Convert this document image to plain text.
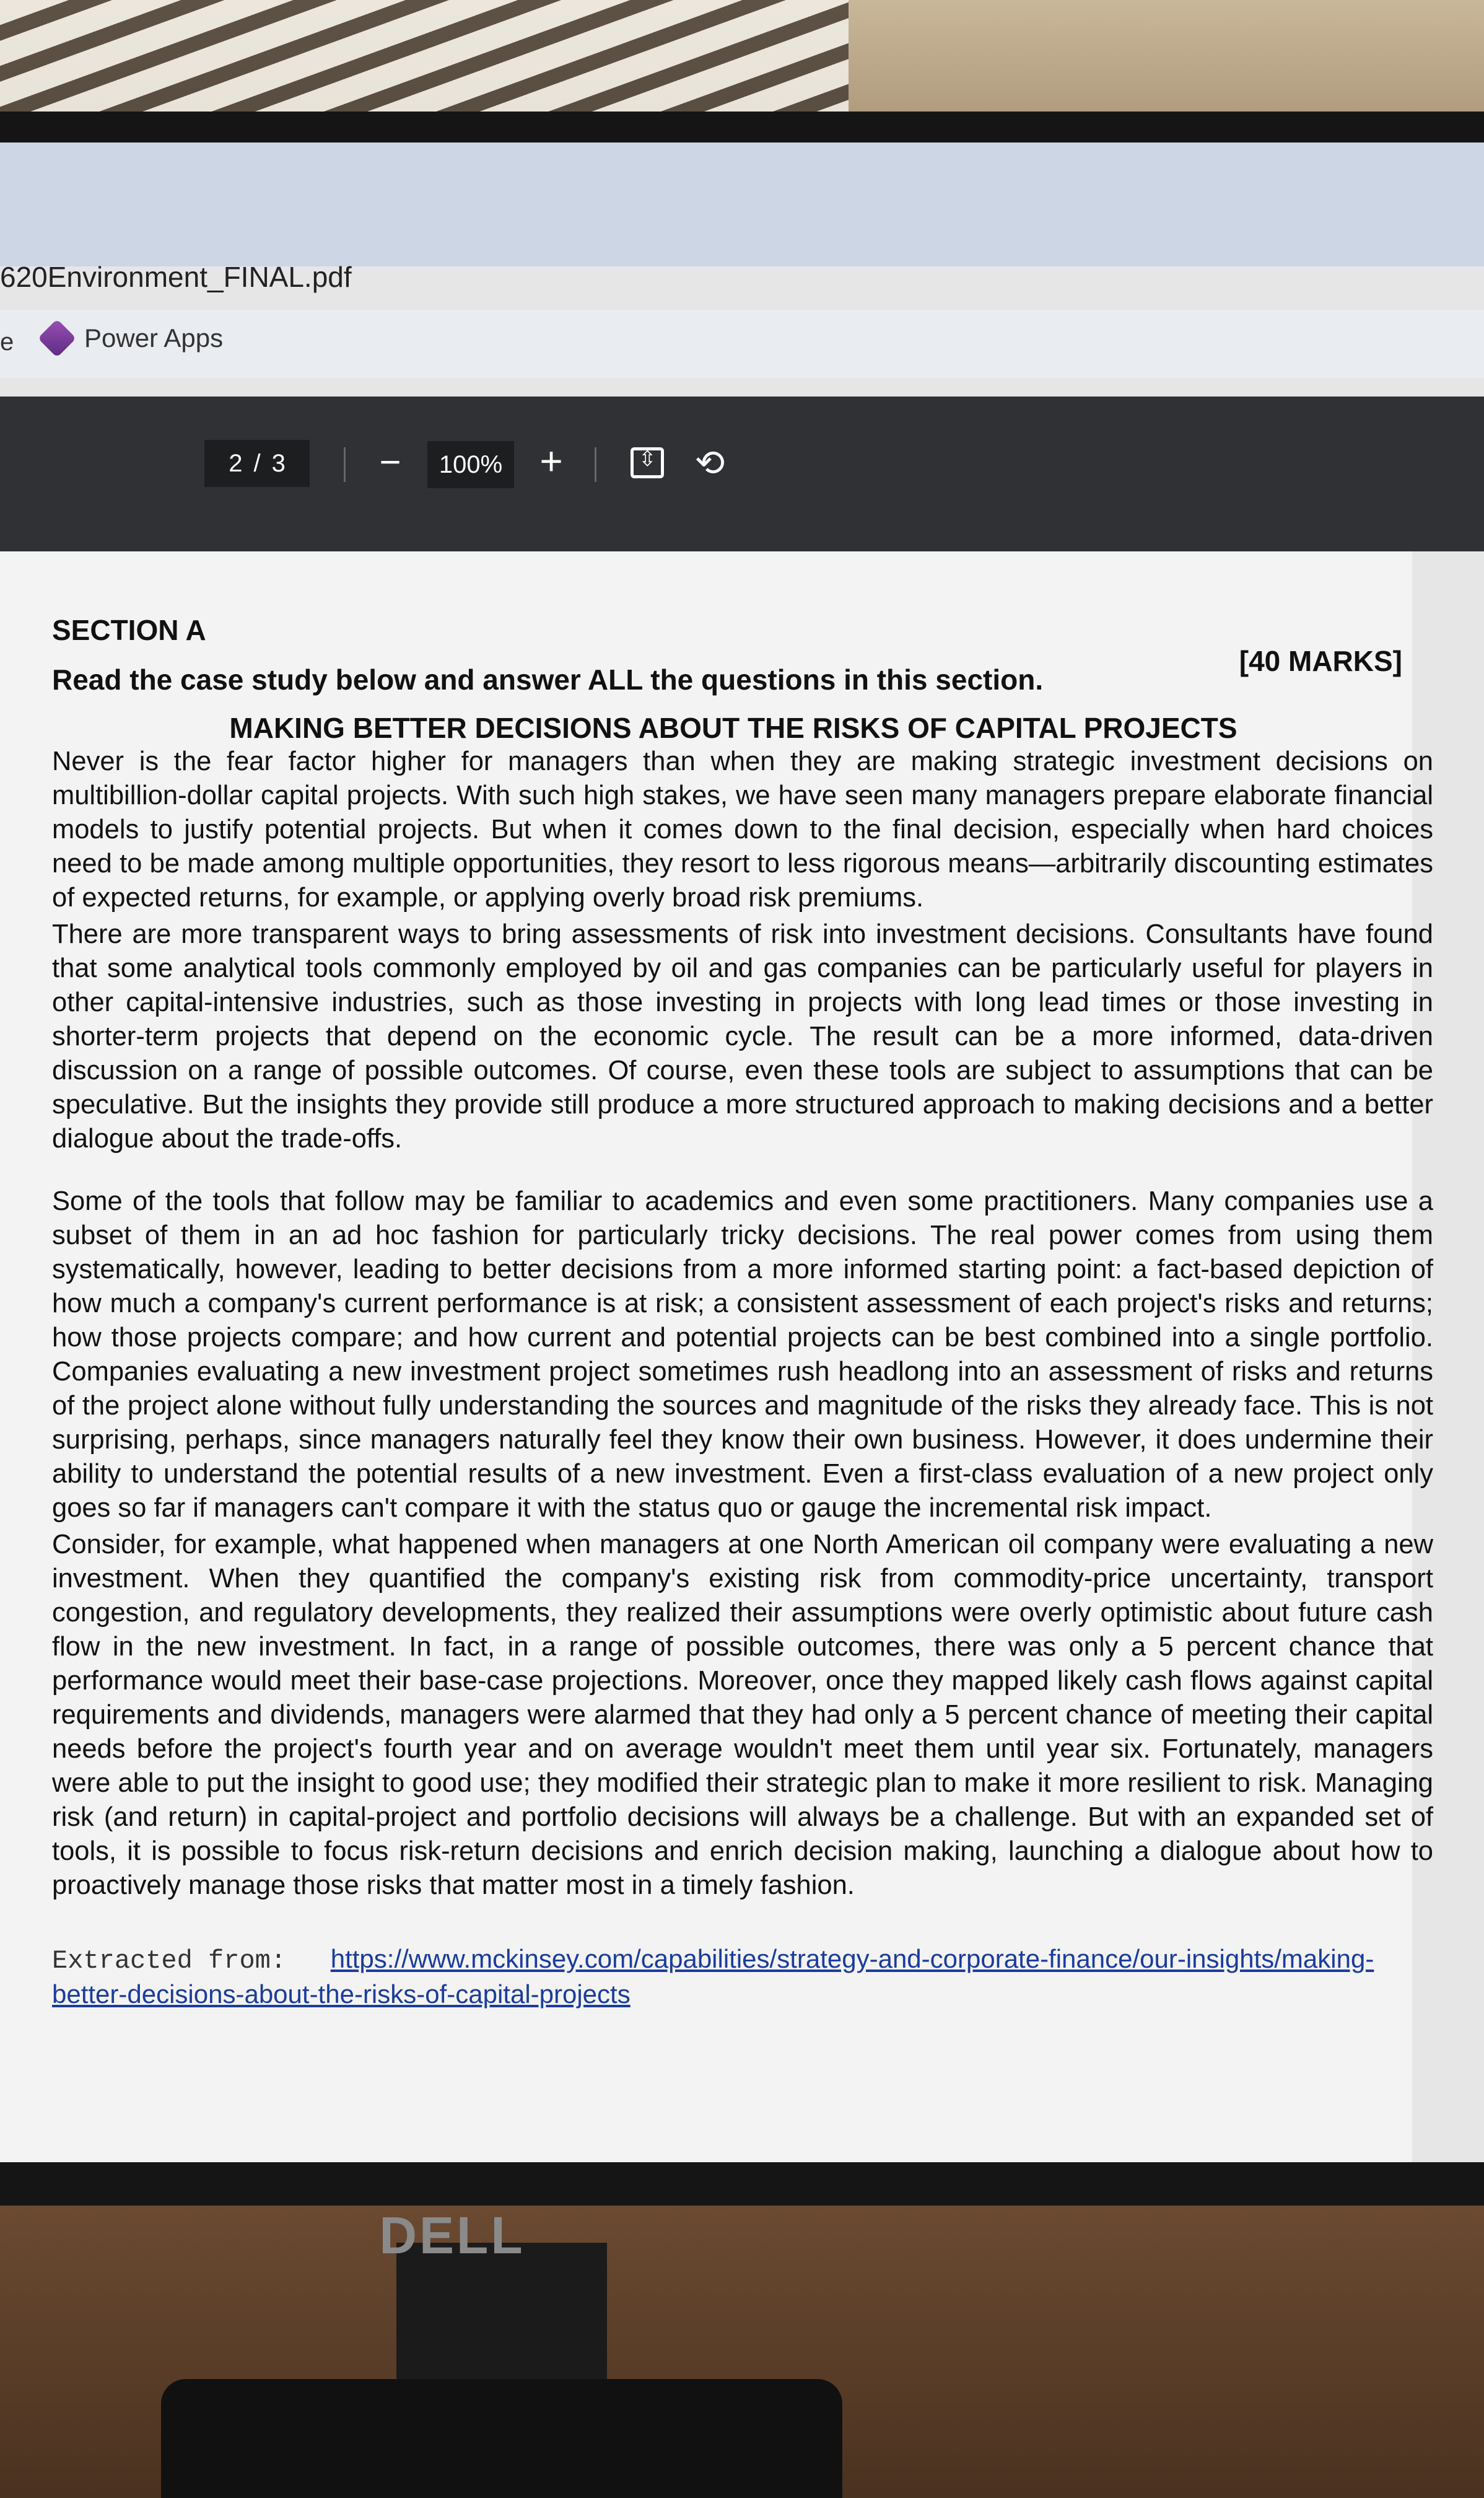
620Environment_FINAL.pdf
e	Power Apps
2 / 3	−	100% +
⇳	⟲
SECTION A
[40 MARKS]
Read the case study below and answer ALL the questions in this section.
MAKING BETTER DECISIONS ABOUT THE RISKS OF CAPITAL PROJECTS

Never is the fear factor higher for managers than when they are making strategic investment decisions on multibillion-dollar capital projects. With such high stakes, we have seen many managers prepare elaborate financial models to justify potential projects. But when it comes down to the final decision, especially when hard choices need to be made among multiple opportunities, they resort to less rigorous means—arbitrarily discounting estimates of expected returns, for example, or applying overly broad risk premiums.

There are more transparent ways to bring assessments of risk into investment decisions. Consultants have found that some analytical tools commonly employed by oil and gas companies can be particularly useful for players in other capital-intensive industries, such as those investing in projects with long lead times or those investing in shorter-term projects that depend on the economic cycle. The result can be a more informed, data-driven discussion on a range of possible outcomes. Of course, even these tools are subject to assumptions that can be speculative. But the insights they provide still produce a more structured approach to making decisions and a better dialogue about the trade-offs.

Some of the tools that follow may be familiar to academics and even some practitioners. Many companies use a subset of them in an ad hoc fashion for particularly tricky decisions. The real power comes from using them systematically, however, leading to better decisions from a more informed starting point: a fact-based depiction of how much a company's current performance is at risk; a consistent assessment of each project's risks and returns; how those projects compare; and how current and potential projects can be best combined into a single portfolio. Companies evaluating a new investment project sometimes rush headlong into an assessment of risks and returns of the project alone without fully understanding the sources and magnitude of the risks they already face. This is not surprising, perhaps, since managers naturally feel they know their own business. However, it does undermine their ability to understand the potential results of a new investment. Even a first-class evaluation of a new project only goes so far if managers can't compare it with the status quo or gauge the incremental risk impact.

Consider, for example, what happened when managers at one North American oil company were evaluating a new investment. When they quantified the company's existing risk from commodity-price uncertainty, transport congestion, and regulatory developments, they realized their assumptions were overly optimistic about future cash flow in the new investment. In fact, in a range of possible outcomes, there was only a 5 percent chance that performance would meet their base-case projections. Moreover, once they mapped likely cash flows against capital requirements and dividends, managers were alarmed that they had only a 5 percent chance of meeting their capital needs before the project's fourth year and on average wouldn't meet them until year six. Fortunately, managers were able to put the insight to good use; they modified their strategic plan to make it more resilient to risk. Managing risk (and return) in capital-project and portfolio decisions will always be a challenge. But with an expanded set of tools, it is possible to focus risk-return decisions and enrich decision making, launching a dialogue about how to proactively manage those risks that matter most in a timely fashion.

Extracted from: https://www.mckinsey.com/capabilities/strategy-and-corporate-finance/our-insights/making-better-decisions-about-the-risks-of-capital-projects
DELL
